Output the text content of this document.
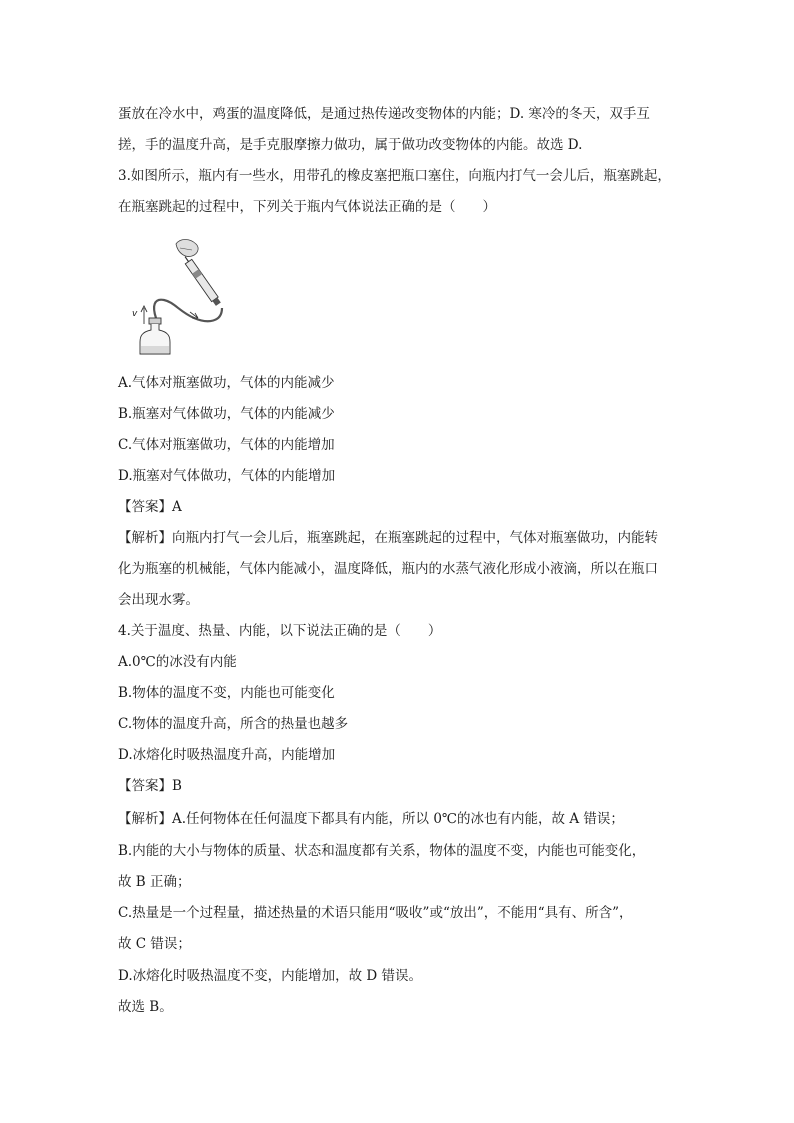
蛋放在冷水中，鸡蛋的温度降低，是通过热传递改变物体的内能；D. 寒冷的冬天，双手互
搓，手的温度升高，是手克服摩擦力做功，属于做功改变物体的内能。故选 D.
3.如图所示，瓶内有一些水，用带孔的橡皮塞把瓶口塞住，向瓶内打气一会儿后，瓶塞跳起，
在瓶塞跳起的过程中，下列关于瓶内气体说法正确的是（　　）
v
A.气体对瓶塞做功，气体的内能减少
B.瓶塞对气体做功，气体的内能减少
C.气体对瓶塞做功，气体的内能增加
D.瓶塞对气体做功，气体的内能增加
【答案】A
【解析】向瓶内打气一会儿后，瓶塞跳起，在瓶塞跳起的过程中，气体对瓶塞做功，内能转
化为瓶塞的机械能，气体内能减小，温度降低，瓶内的水蒸气液化形成小液滴，所以在瓶口
会出现水雾。
4.关于温度、热量、内能，以下说法正确的是（　　）
A.0℃的冰没有内能
B.物体的温度不变，内能也可能变化
C.物体的温度升高，所含的热量也越多
D.冰熔化时吸热温度升高，内能增加
【答案】B
【解析】A.任何物体在任何温度下都具有内能，所以 0℃的冰也有内能，故 A 错误；
B.内能的大小与物体的质量、状态和温度都有关系，物体的温度不变，内能也可能变化，
故 B 正确；
C.热量是一个过程量，描述热量的术语只能用“吸收”或“放出”，不能用“具有、所含”，
故 C 错误；
D.冰熔化时吸热温度不变，内能增加，故 D 错误。
故选 B。
